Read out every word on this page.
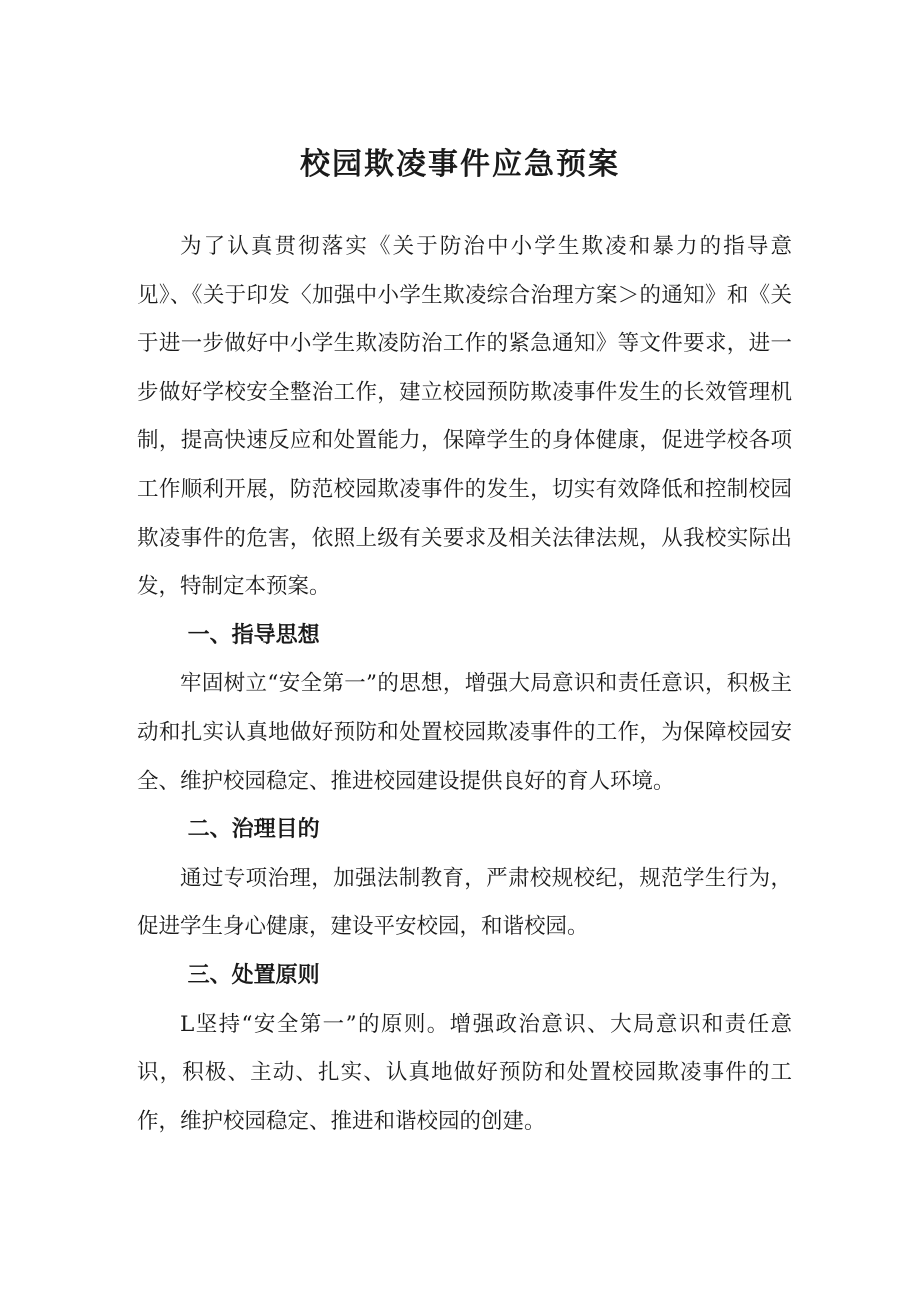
校园欺凌事件应急预案

为了认真贯彻落实《关于防治中小学生欺凌和暴力的指导意见》、《关于印发〈加强中小学生欺凌综合治理方案＞的通知》和《关于进一步做好中小学生欺凌防治工作的紧急通知》等文件要求，进一步做好学校安全整治工作，建立校园预防欺凌事件发生的长效管理机制，提高快速反应和处置能力，保障学生的身体健康，促进学校各项工作顺利开展，防范校园欺凌事件的发生，切实有效降低和控制校园欺凌事件的危害，依照上级有关要求及相关法律法规，从我校实际出发，特制定本预案。

一、指导思想

牢固树立“安全第一”的思想，增强大局意识和责任意识，积极主动和扎实认真地做好预防和处置校园欺凌事件的工作，为保障校园安全、维护校园稳定、推进校园建设提供良好的育人环境。

二、治理目的

通过专项治理，加强法制教育，严肃校规校纪，规范学生行为，促进学生身心健康，建设平安校园，和谐校园。

三、处置原则

L坚持“安全第一”的原则。增强政治意识、大局意识和责任意识，积极、主动、扎实、认真地做好预防和处置校园欺凌事件的工作，维护校园稳定、推进和谐校园的创建。
